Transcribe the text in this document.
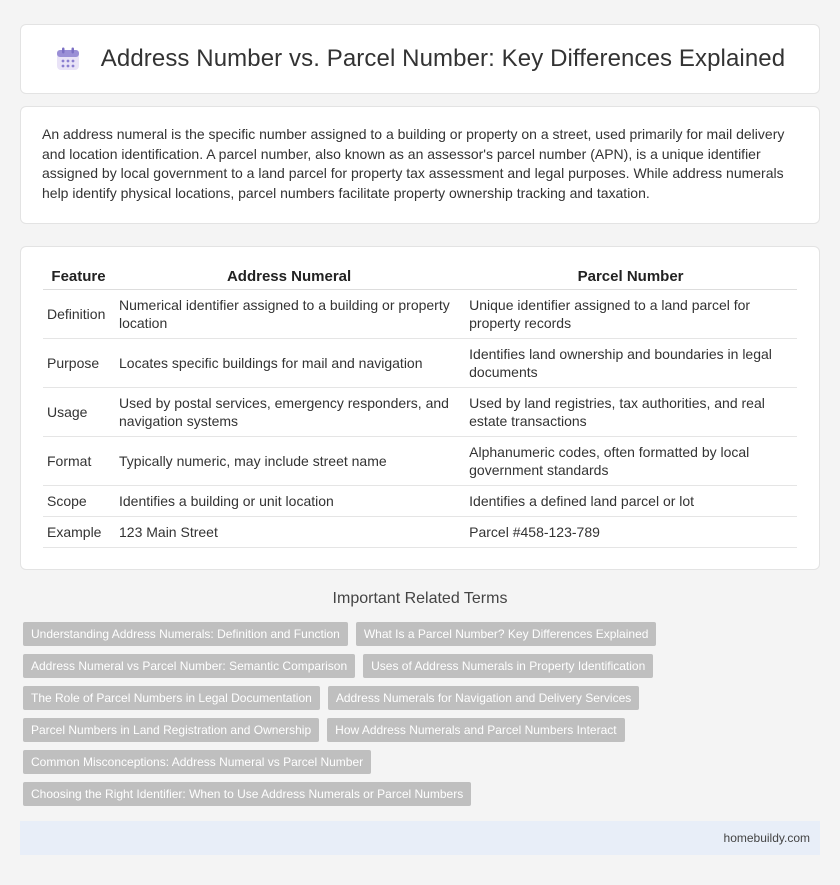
Address Number vs. Parcel Number: Key Differences Explained

An address numeral is the specific number assigned to a building or property on a street, used primarily for mail delivery and location identification. A parcel number, also known as an assessor's parcel number (APN), is a unique identifier assigned by local government to a land parcel for property tax assessment and legal purposes. While address numerals help identify physical locations, parcel numbers facilitate property ownership tracking and taxation.

Feature	Address Numeral	Parcel Number
Definition	Numerical identifier assigned to a building or property location	Unique identifier assigned to a land parcel for property records
Purpose	Locates specific buildings for mail and navigation	Identifies land ownership and boundaries in legal documents
Usage	Used by postal services, emergency responders, and navigation systems	Used by land registries, tax authorities, and real estate transactions
Format	Typically numeric, may include street name	Alphanumeric codes, often formatted by local government standards
Scope	Identifies a building or unit location	Identifies a defined land parcel or lot
Example	123 Main Street	Parcel #458-123-789
Important Related Terms
Understanding Address Numerals: Definition and Function	What Is a Parcel Number? Key Differences Explained
Address Numeral vs Parcel Number: Semantic Comparison	Uses of Address Numerals in Property Identification
The Role of Parcel Numbers in Legal Documentation	Address Numerals for Navigation and Delivery Services
Parcel Numbers in Land Registration and Ownership	How Address Numerals and Parcel Numbers Interact
Common Misconceptions: Address Numeral vs Parcel Number
Choosing the Right Identifier: When to Use Address Numerals or Parcel Numbers
homebuildy.com
